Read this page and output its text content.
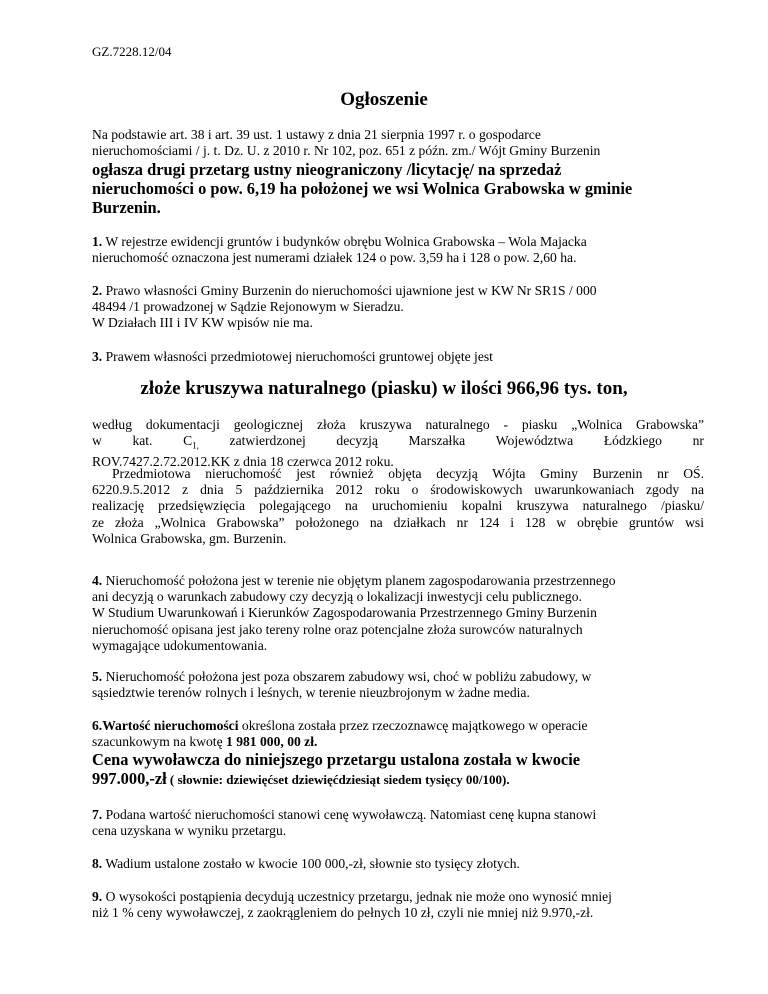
GZ.7228.12/04

Ogłoszenie

Na podstawie art. 38 i art. 39 ust. 1 ustawy z dnia 21 sierpnia 1997 r. o gospodarce
nieruchomościami / j. t. Dz. U. z 2010 r. Nr 102, poz. 651 z późn. zm./ Wójt Gminy Burzenin

ogłasza drugi przetarg ustny nieograniczony /licytację/ na sprzedaż
nieruchomości o pow. 6,19 ha położonej we wsi Wolnica Grabowska w gminie
Burzenin.

1. W rejestrze ewidencji gruntów i budynków obrębu Wolnica Grabowska – Wola Majacka
nieruchomość oznaczona jest numerami działek 124 o pow. 3,59 ha i 128 o pow. 2,60 ha.

2. Prawo własności Gminy Burzenin do nieruchomości ujawnione jest w KW Nr SR1S / 000
48494 /1 prowadzonej w Sądzie Rejonowym w Sieradzu.
W Działach III i IV KW wpisów nie ma.

3. Prawem własności przedmiotowej nieruchomości gruntowej objęte jest

złoże kruszywa naturalnego (piasku) w ilości 966,96 tys. ton,

według dokumentacji geologicznej złoża kruszywa naturalnego - piasku „Wolnica Grabowska”
w kat. $C_{1,}$ zatwierdzonej decyzją Marszałka Województwa Łódzkiego nr
ROV.7427.2.72.2012.KK z dnia 18 czerwca 2012 roku.

Przedmiotowa nieruchomość jest również objęta decyzją Wójta Gminy Burzenin nr OŚ.
6220.9.5.2012 z dnia 5 października 2012 roku o środowiskowych uwarunkowaniach zgody na
realizację przedsięwzięcia polegającego na uruchomieniu kopalni kruszywa naturalnego /piasku/
ze złoża „Wolnica Grabowska” położonego na działkach nr 124 i 128 w obrębie gruntów wsi
Wolnica Grabowska, gm. Burzenin.

4. Nieruchomość położona jest w terenie nie objętym planem zagospodarowania przestrzennego
ani decyzją o warunkach zabudowy czy decyzją o lokalizacji inwestycji celu publicznego.
W Studium Uwarunkowań i Kierunków Zagospodarowania Przestrzennego Gminy Burzenin
nieruchomość opisana jest jako tereny rolne oraz potencjalne złoża surowców naturalnych
wymagające udokumentowania.

5. Nieruchomość położona jest poza obszarem zabudowy wsi, choć w pobliżu zabudowy, w
sąsiedztwie terenów rolnych i leśnych, w terenie nieuzbrojonym w żadne media.

6.Wartość nieruchomości określona została przez rzeczoznawcę majątkowego w operacie
szacunkowym na kwotę 1 981 000, 00 zł.

Cena wywoławcza do niniejszego przetargu ustalona została w kwocie
997.000,-zł ( słownie: dziewięćset dziewięćdziesiąt siedem tysięcy 00/100).

7. Podana wartość nieruchomości stanowi cenę wywoławczą. Natomiast cenę kupna stanowi
cena uzyskana w wyniku przetargu.

8. Wadium ustalone zostało w kwocie 100 000,-zł, słownie sto tysięcy złotych.

9. O wysokości postąpienia decydują uczestnicy przetargu, jednak nie może ono wynosić mniej
niż 1 % ceny wywoławczej, z zaokrągleniem do pełnych 10 zł, czyli nie mniej niż 9.970,-zł.
